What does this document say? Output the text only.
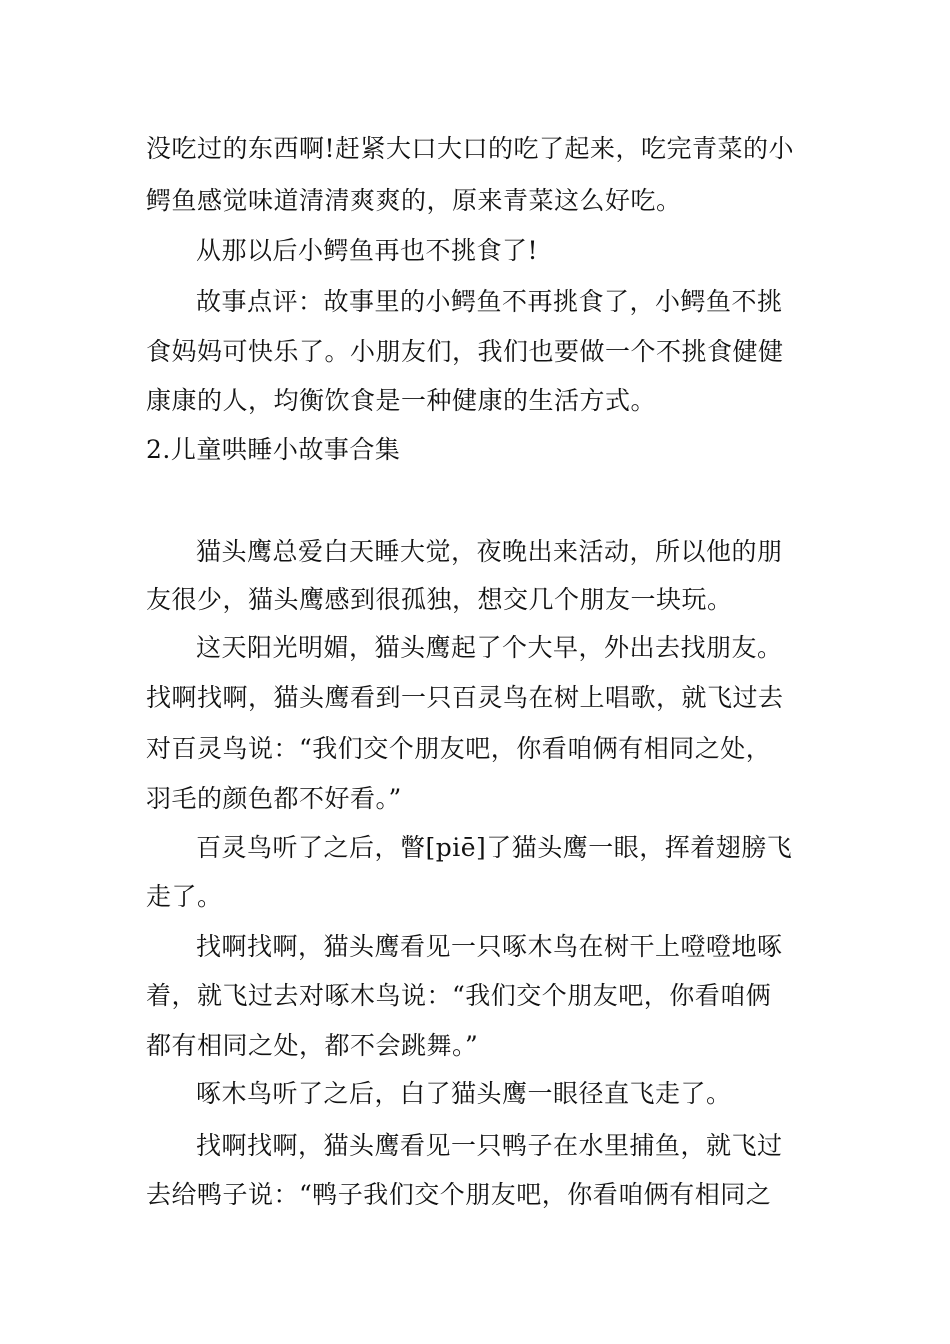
没吃过的东西啊!赶紧大口大口的吃了起来，吃完青菜的小
鳄鱼感觉味道清清爽爽的，原来青菜这么好吃。
从那以后小鳄鱼再也不挑食了!
故事点评：故事里的小鳄鱼不再挑食了，小鳄鱼不挑
食妈妈可快乐了。小朋友们，我们也要做一个不挑食健健
康康的人，均衡饮食是一种健康的生活方式。
2.儿童哄睡小故事合集
猫头鹰总爱白天睡大觉，夜晚出来活动，所以他的朋
友很少，猫头鹰感到很孤独，想交几个朋友一块玩。
这天阳光明媚，猫头鹰起了个大早，外出去找朋友。
找啊找啊，猫头鹰看到一只百灵鸟在树上唱歌，就飞过去
对百灵鸟说：“我们交个朋友吧，你看咱俩有相同之处，
羽毛的颜色都不好看。”
百灵鸟听了之后，瞥[piē]了猫头鹰一眼，挥着翅膀飞
走了。
找啊找啊，猫头鹰看见一只啄木鸟在树干上噔噔地啄
着，就飞过去对啄木鸟说：“我们交个朋友吧，你看咱俩
都有相同之处，都不会跳舞。”
啄木鸟听了之后，白了猫头鹰一眼径直飞走了。
找啊找啊，猫头鹰看见一只鸭子在水里捕鱼，就飞过
去给鸭子说：“鸭子我们交个朋友吧，你看咱俩有相同之
